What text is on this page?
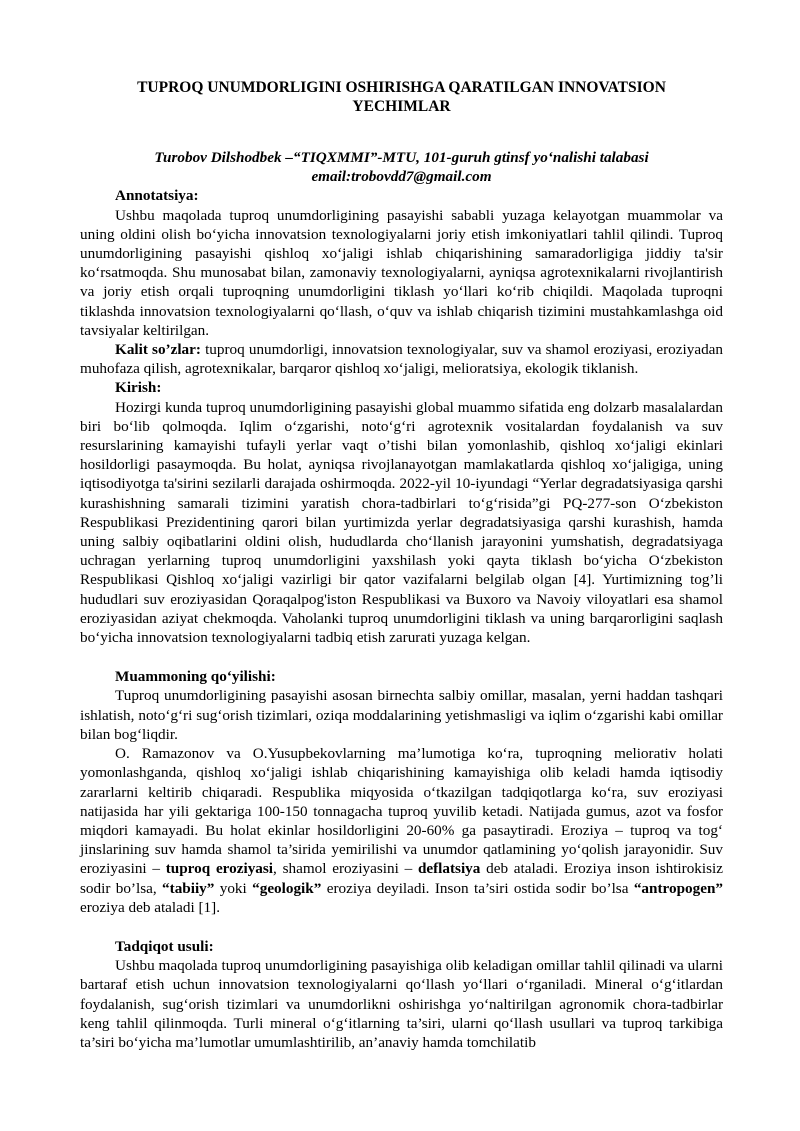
TUPROQ UNUMDORLIGINI OSHIRISHGA QARATILGAN INNOVATSION
YECHIMLAR

Turobov Dilshodbek –“TIQXMMI”-MTU, 101-guruh gtinsf yo‘nalishi talabasi

email:trobovdd7@gmail.com

Annotatsiya:

Ushbu maqolada tuproq unumdorligining pasayishi sababli yuzaga kelayotgan muammolar va uning oldini olish bo‘yicha innovatsion texnologiyalarni joriy etish imkoniyatlari tahlil qilindi. Tuproq unumdorligining pasayishi qishloq xo‘jaligi ishlab chiqarishining samaradorligiga jiddiy ta'sir ko‘rsatmoqda. Shu munosabat bilan, zamonaviy texnologiyalarni, ayniqsa agrotexnikalarni rivojlantirish va joriy etish orqali tuproqning unumdorligini tiklash yo‘llari ko‘rib chiqildi. Maqolada tuproqni tiklashda innovatsion texnologiyalarni qo‘llash, o‘quv va ishlab chiqarish tizimini mustahkamlashga oid tavsiyalar keltirilgan.

Kalit so’zlar: tuproq unumdorligi, innovatsion texnologiyalar, suv va shamol eroziyasi, eroziyadan muhofaza qilish, agrotexnikalar, barqaror qishloq xo‘jaligi, melioratsiya, ekologik tiklanish.

Kirish:

Hozirgi kunda tuproq unumdorligining pasayishi global muammo sifatida eng dolzarb masalalardan biri bo‘lib qolmoqda. Iqlim o‘zgarishi, noto‘g‘ri agrotexnik vositalardan foydalanish va suv resurslarining kamayishi tufayli yerlar vaqt o’tishi bilan yomonlashib, qishloq xo‘jaligi ekinlari hosildorligi pasaymoqda. Bu holat, ayniqsa rivojlanayotgan mamlakatlarda qishloq xo‘jaligiga, uning iqtisodiyotga ta'sirini sezilarli darajada oshirmoqda. 2022-yil 10-iyundagi “Yerlar degradatsiyasiga qarshi kurashishning samarali tizimini yaratish chora-tadbirlari to‘g‘risida”gi PQ-277-son O‘zbekiston Respublikasi Prezidentining qarori bilan yurtimizda yerlar degradatsiyasiga qarshi kurashish, hamda uning salbiy oqibatlarini oldini olish, hududlarda cho‘llanish jarayonini yumshatish, degradatsiyaga uchragan yerlarning tuproq unumdorligini yaxshilash yoki qayta tiklash bo‘yicha O‘zbekiston Respublikasi Qishloq xo‘jaligi vazirligi bir qator vazifalarni belgilab olgan [4]. Yurtimizning tog’li hududlari suv eroziyasidan Qoraqalpog'iston Respublikasi va Buxoro va Navoiy viloyatlari esa shamol eroziyasidan aziyat chekmoqda. Vaholanki tuproq unumdorligini tiklash va uning barqarorligini saqlash bo‘yicha innovatsion texnologiyalarni tadbiq etish zarurati yuzaga kelgan.

Muammoning qo‘yilishi:

Tuproq unumdorligining pasayishi asosan birnechta salbiy omillar, masalan, yerni haddan tashqari ishlatish, noto‘g‘ri sug‘orish tizimlari, oziqa moddalarining yetishmasligi va iqlim o‘zgarishi kabi omillar bilan bog‘liqdir.

O. Ramazonov va O.Yusupbekovlarning ma’lumotiga ko‘ra, tuproqning meliorativ holati yomonlashganda, qishloq xo‘jaligi ishlab chiqarishining kamayishiga olib keladi hamda iqtisodiy zararlarni keltirib chiqaradi. Respublika miqyosida o‘tkazilgan tadqiqotlarga ko‘ra, suv eroziyasi natijasida har yili gektariga 100-150 tonnagacha tuproq yuvilib ketadi. Natijada gumus, azot va fosfor miqdori kamayadi. Bu holat ekinlar hosildorligini 20-60% ga pasaytiradi. Eroziya – tuproq va tog‘ jinslarining suv hamda shamol ta’sirida yemirilishi va unumdor qatlamining yo‘qolish jarayonidir. Suv eroziyasini – tuproq eroziyasi, shamol eroziyasini – deflatsiya deb ataladi. Eroziya inson ishtirokisiz sodir bo’lsa, “tabiiy” yoki “geologik” eroziya deyiladi. Inson ta’siri ostida sodir bo’lsa “antropogen” eroziya deb ataladi [1].

Tadqiqot usuli:

Ushbu maqolada tuproq unumdorligining pasayishiga olib keladigan omillar tahlil qilinadi va ularni bartaraf etish uchun innovatsion texnologiyalarni qo‘llash yo‘llari o‘rganiladi. Mineral o‘g‘itlardan foydalanish, sug‘orish tizimlari va unumdorlikni oshirishga yo‘naltirilgan agronomik chora-tadbirlar keng tahlil qilinmoqda. Turli mineral o‘g‘itlarning ta’siri, ularni qo‘llash usullari va tuproq tarkibiga ta’siri bo‘yicha ma’lumotlar umumlashtirilib, an’anaviy hamda tomchilatib
